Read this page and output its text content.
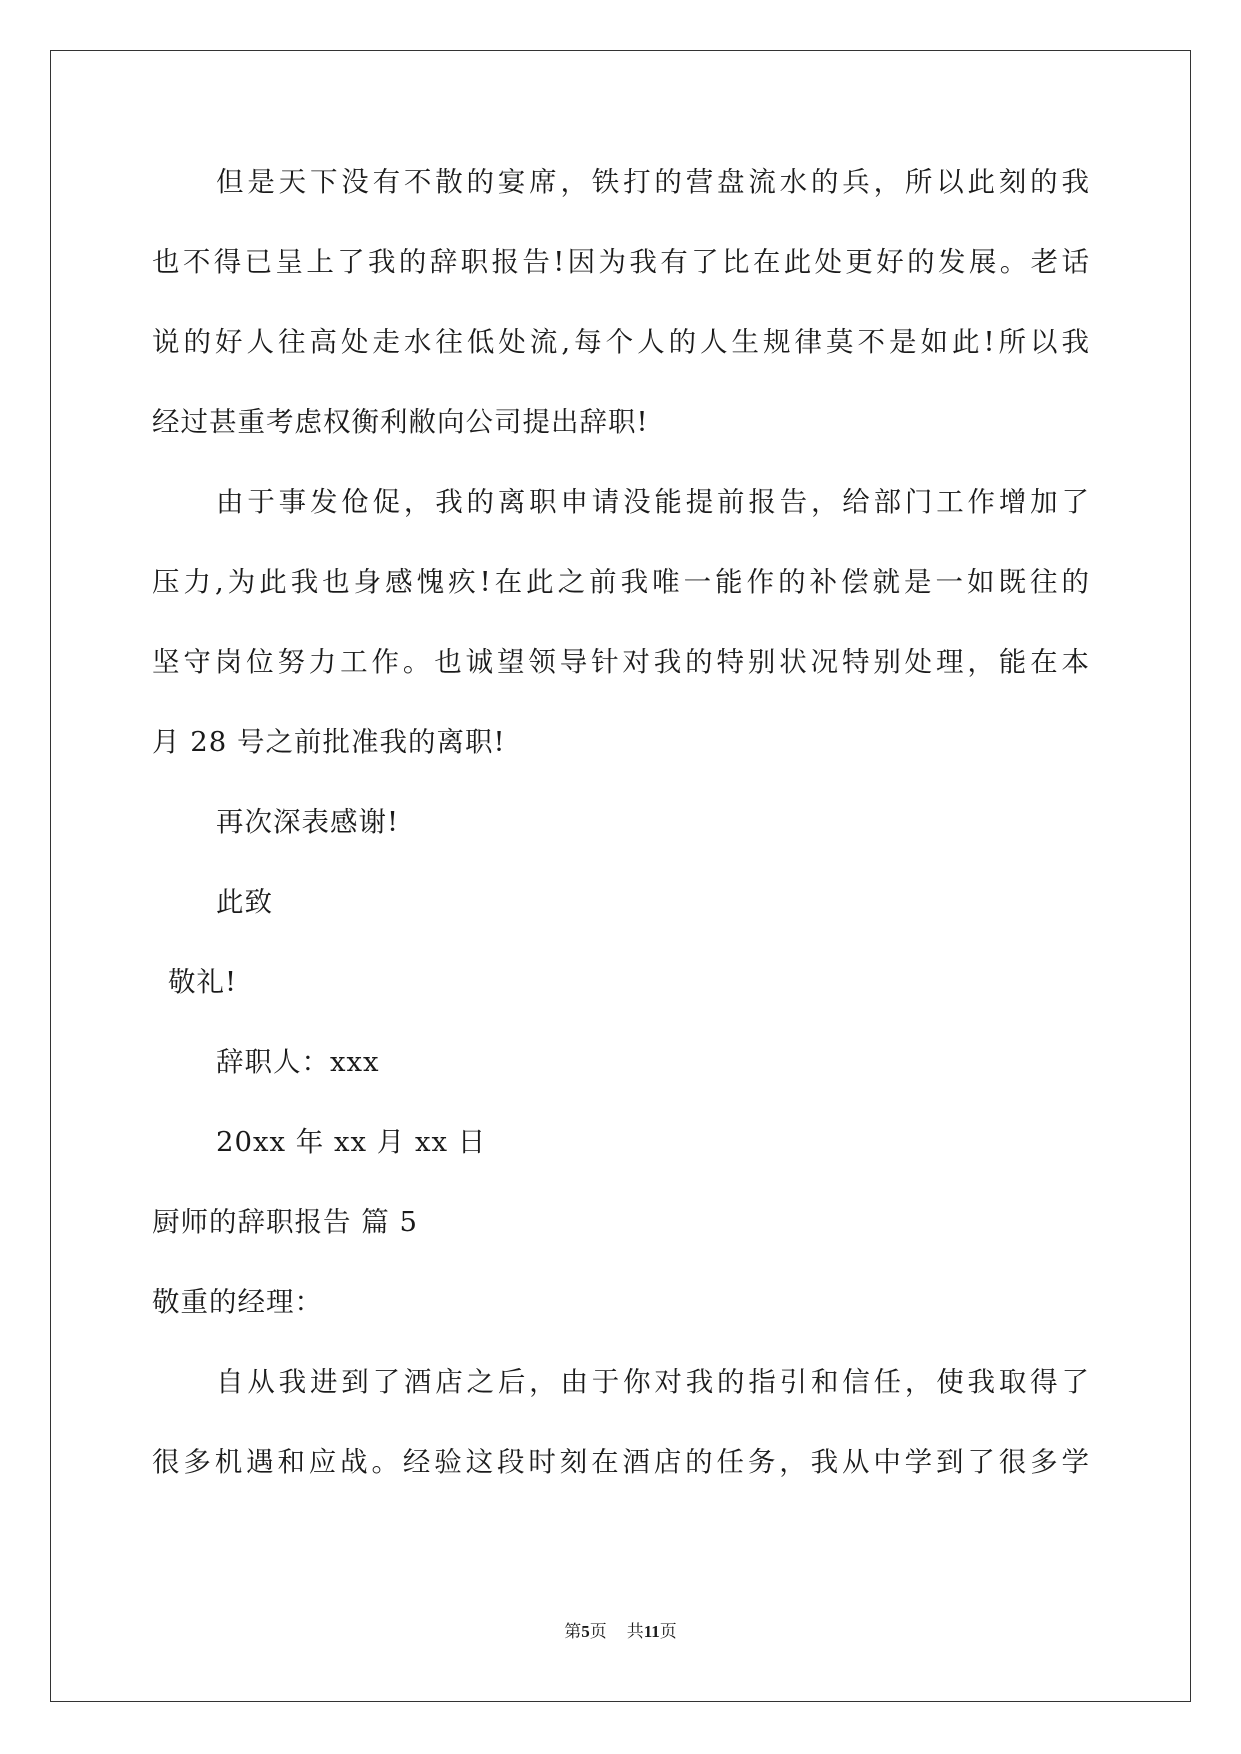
但是天下没有不散的宴席，铁打的营盘流水的兵，所以此刻的我
也不得已呈上了我的辞职报告!因为我有了比在此处更好的发展。老话
说的好人往高处走水往低处流,每个人的人生规律莫不是如此!所以我
经过甚重考虑权衡利敝向公司提出辞职!
由于事发伧促，我的离职申请没能提前报告，给部门工作增加了
压力,为此我也身感愧疚!在此之前我唯一能作的补偿就是一如既往的
坚守岗位努力工作。也诚望领导针对我的特别状况特别处理，能在本
月 28 号之前批准我的离职!
再次深表感谢!
此致
敬礼!
辞职人：xxx
20xx 年 xx 月 xx 日
厨师的辞职报告 篇 5
敬重的经理：
自从我进到了酒店之后，由于你对我的指引和信任，使我取得了
很多机遇和应战。经验这段时刻在酒店的任务，我从中学到了很多学
第5页 共11页
